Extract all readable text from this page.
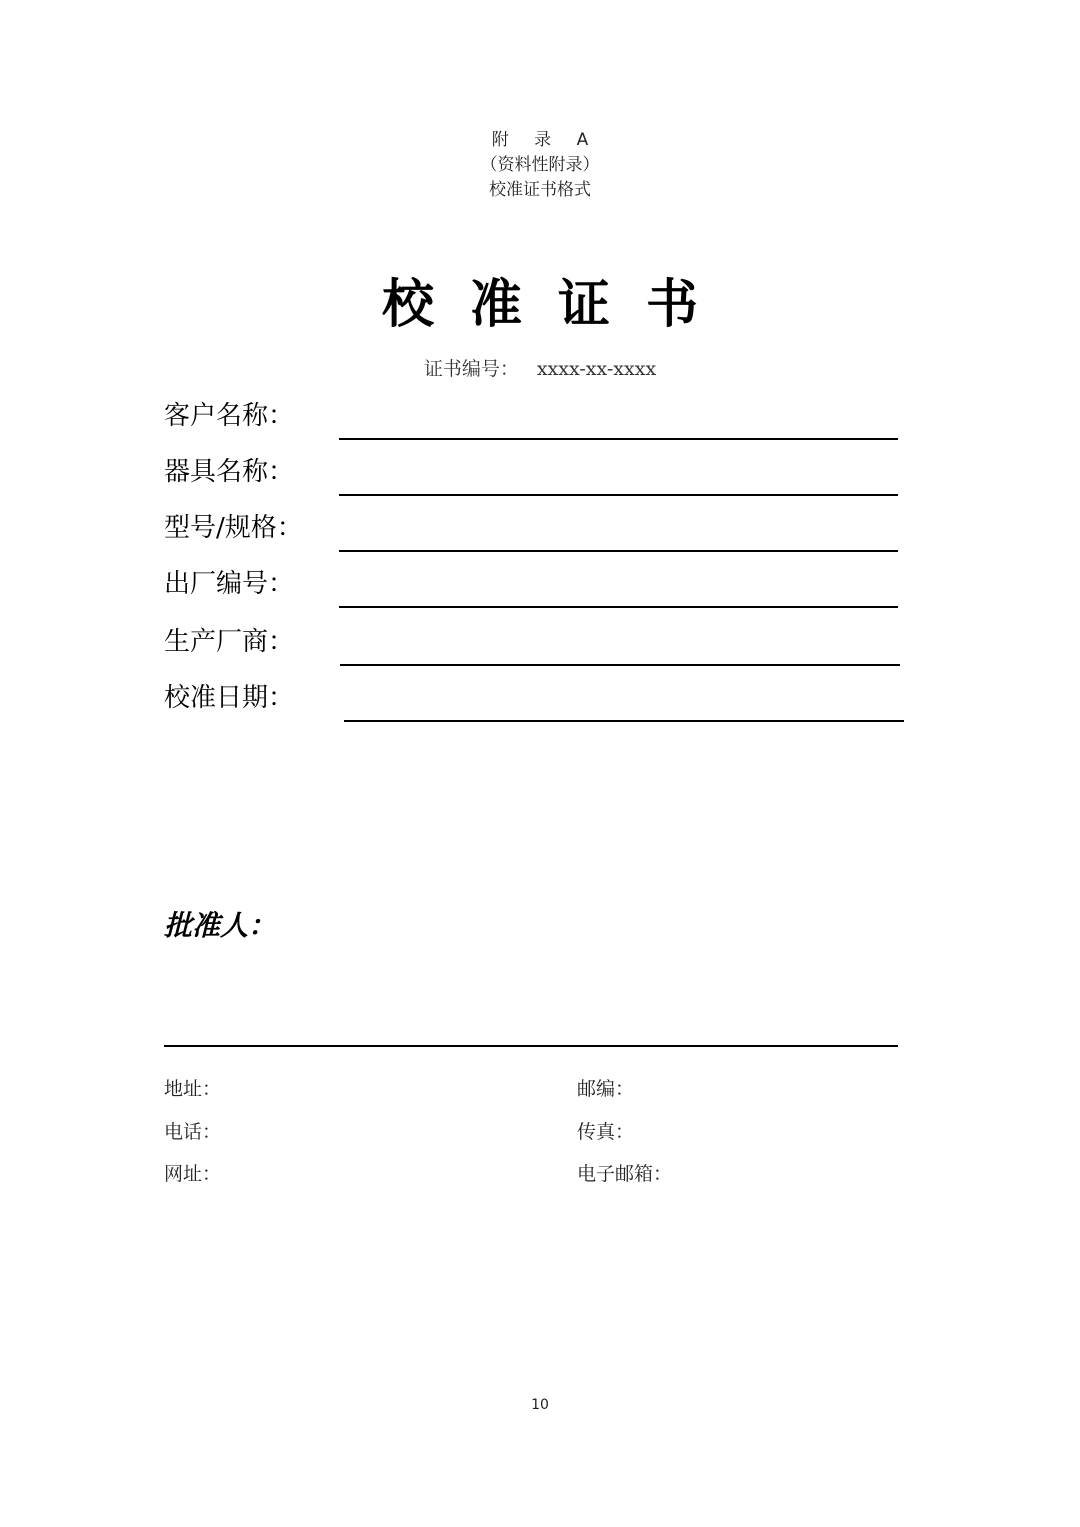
附 录 A
（资料性附录）
校准证书格式
校准证书
证书编号： xxxx-xx-xxxx
客户名称：
器具名称：
型号/规格：
出厂编号：
生产厂商：
校准日期：
批准人：
地址：	邮编：
电话：	传真：
网址：	电子邮箱：
10
